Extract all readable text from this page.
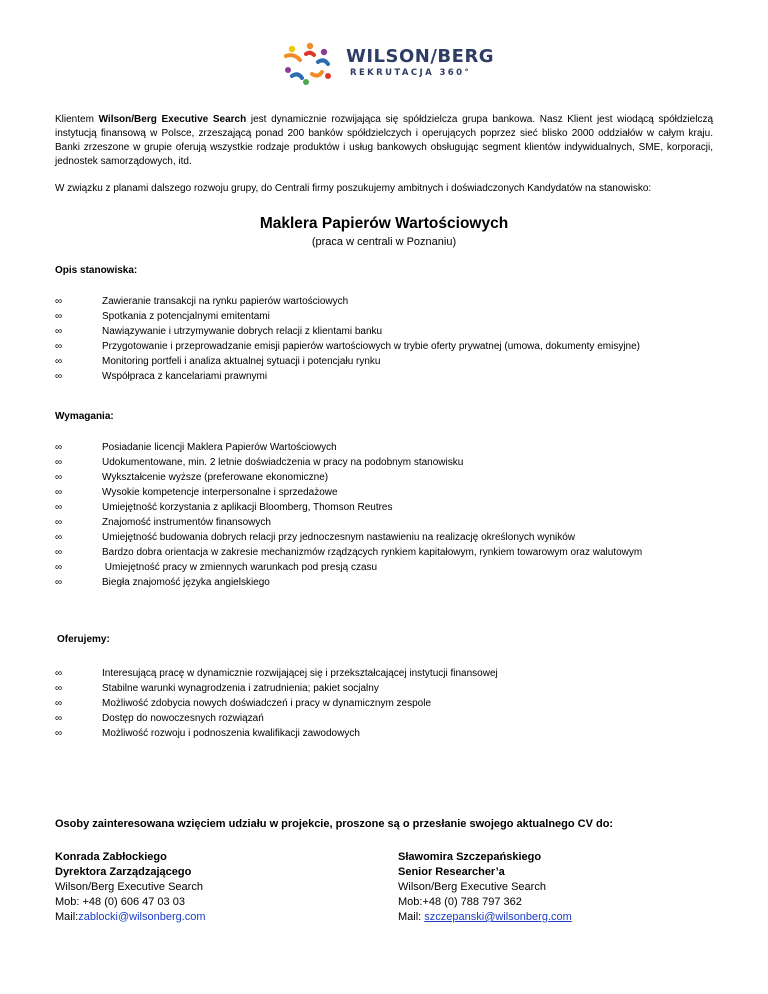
WILSON/BERG
REKRUTACJA 360°
Klientem Wilson/Berg Executive Search jest dynamicznie rozwijająca się spółdzielcza grupa bankowa. Nasz Klient jest wiodącą spółdzielczą instytucją finansową w Polsce, zrzeszającą ponad 200 banków spółdzielczych i operujących poprzez sieć blisko 2000 oddziałów w całym kraju. Banki zrzeszone w grupie oferują wszystkie rodzaje produktów i usług bankowych obsługując segment klientów indywidualnych, SME, korporacji, jednostek samorządowych, itd.
W związku z planami dalszego rozwoju grupy, do Centrali firmy poszukujemy ambitnych i doświadczonych Kandydatów na stanowisko:
Maklera Papierów Wartościowych
(praca w centrali w Poznaniu)
Opis stanowiska:
∞	Zawieranie transakcji na rynku papierów wartościowych
∞	Spotkania z potencjalnymi emitentami
∞	Nawiązywanie i utrzymywanie dobrych relacji z klientami banku
∞	Przygotowanie i przeprowadzanie emisji papierów wartościowych w trybie oferty prywatnej (umowa, dokumenty emisyjne)
∞	Monitoring portfeli i analiza aktualnej sytuacji i potencjału rynku
∞	Współpraca z kancelariami prawnymi
Wymagania:
∞	Posiadanie licencji Maklera Papierów Wartościowych
∞	Udokumentowane, min. 2 letnie doświadczenia w pracy na podobnym stanowisku
∞	Wykształcenie wyższe (preferowane ekonomiczne)
∞	Wysokie kompetencje interpersonalne i sprzedażowe
∞	Umiejętność korzystania z aplikacji Bloomberg, Thomson Reutres
∞	Znajomość instrumentów finansowych
∞	Umiejętność budowania dobrych relacji przy jednoczesnym nastawieniu na realizację określonych wyników
∞	Bardzo dobra orientacja w zakresie mechanizmów rządzących rynkiem kapitałowym, rynkiem towarowym oraz walutowym
∞	Umiejętność pracy w zmiennych warunkach pod presją czasu
∞	Biegła znajomość języka angielskiego
Oferujemy:
∞	Interesującą pracę w dynamicznie rozwijającej się i przekształcającej instytucji finansowej
∞	Stabilne warunki wynagrodzenia i zatrudnienia; pakiet socjalny
∞	Możliwość zdobycia nowych doświadczeń i pracy w dynamicznym zespole
∞	Dostęp do nowoczesnych rozwiązań
∞	Możliwość rozwoju i podnoszenia kwalifikacji zawodowych
Osoby zainteresowana wzięciem udziału w projekcie, proszone są o przesłanie swojego aktualnego CV do:
Konrada Zabłockiego
Dyrektora Zarządzającego
Wilson/Berg Executive Search
Mob: +48 (0) 606 47 03 03
Mail:zablocki@wilsonberg.com
Sławomira Szczepańskiego
Senior Researcher’a
Wilson/Berg Executive Search
Mob:+48 (0) 788 797 362
Mail: szczepanski@wilsonberg.com
